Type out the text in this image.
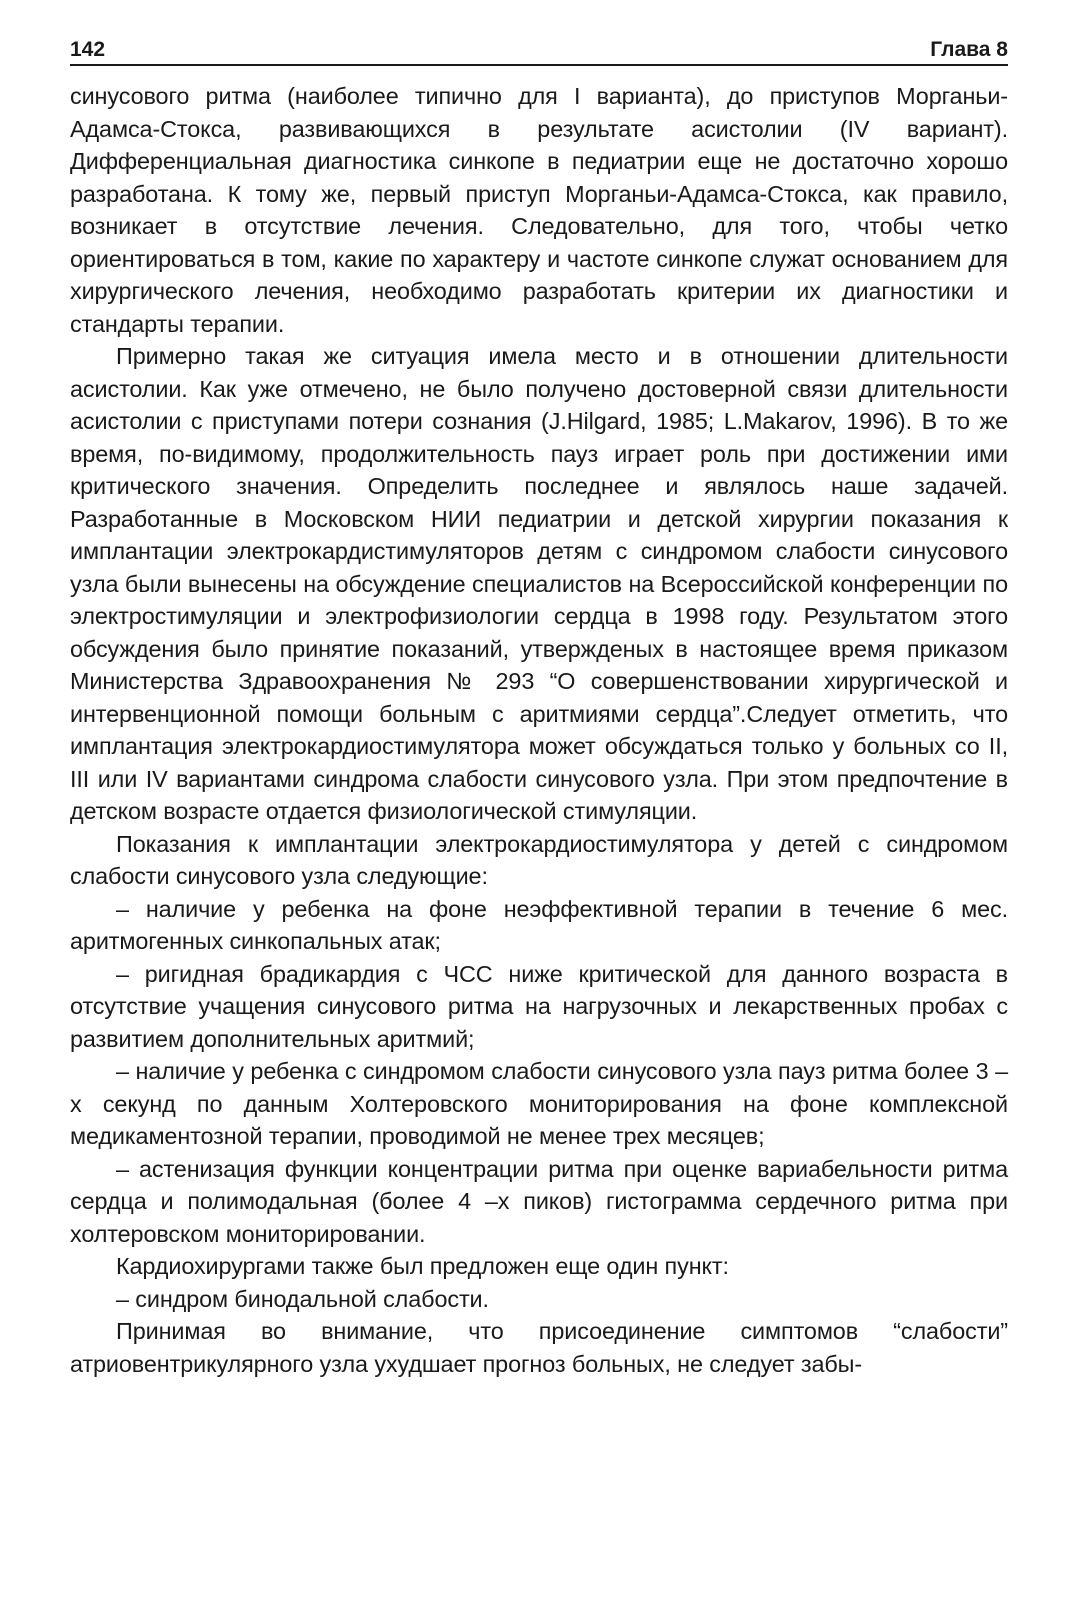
142	Глава 8

синусового ритма (наиболее типично для I варианта), до приступов Морганьи-Адамса-Стокса, развивающихся в результате асистолии (IV вариант). Дифференциальная диагностика синкопе в педиатрии еще не достаточно хорошо разработана. К тому же, первый приступ Морганьи-Адамса-Стокса, как правило, возникает в отсутствие лечения. Следовательно, для того, чтобы четко ориентироваться в том, какие по характеру и частоте синкопе служат основанием для хирургического лечения, необходимо разработать критерии их диагностики и стандарты терапии.

Примерно такая же ситуация имела место и в отношении длительности асистолии. Как уже отмечено, не было получено достоверной связи длительности асистолии с приступами потери сознания (J.Hilgard, 1985; L.Makarov, 1996). В то же время, по-видимому, продолжительность пауз играет роль при достижении ими критического значения. Определить последнее и являлось наше задачей. Разработанные в Московском НИИ педиатрии и детской хирургии показания к имплантации электрокардистимуляторов детям с синдромом слабости синусового узла были вынесены на обсуждение специалистов на Всероссийской конференции по электростимуляции и электрофизиологии сердца в 1998 году. Результатом этого обсуждения было принятие показаний, утвержденых в настоящее время приказом Министерства Здравоохранения № 293 “О совершенствовании хирургической и интервенционной помощи больным с аритмиями сердца”.Следует отметить, что имплантация электрокардиостимулятора может обсуждаться только у больных со II, III или IV вариантами синдрома слабости синусового узла. При этом предпочтение в детском возрасте отдается физиологической стимуляции.

Показания к имплантации электрокардиостимулятора у детей с синдромом слабости синусового узла следующие:

– наличие у ребенка на фоне неэффективной терапии в течение 6 мес. аритмогенных синкопальных атак;

– ригидная брадикардия с ЧСС ниже критической для данного возраста в отсутствие учащения синусового ритма на нагрузочных и лекарственных пробах с развитием дополнительных аритмий;

– наличие у ребенка с синдромом слабости синусового узла пауз ритма более 3 –х секунд по данным Холтеровского мониторирования на фоне комплексной медикаментозной терапии, проводимой не менее трех месяцев;

– астенизация функции концентрации ритма при оценке вариабельности ритма сердца и полимодальная (более 4 –х пиков) гистограмма сердечного ритма при холтеровском мониторировании.

Кардиохирургами также был предложен еще один пункт:

– синдром бинодальной слабости.

Принимая во внимание, что присоединение симптомов “слабости” атриовентрикулярного узла ухудшает прогноз больных, не следует забы-
